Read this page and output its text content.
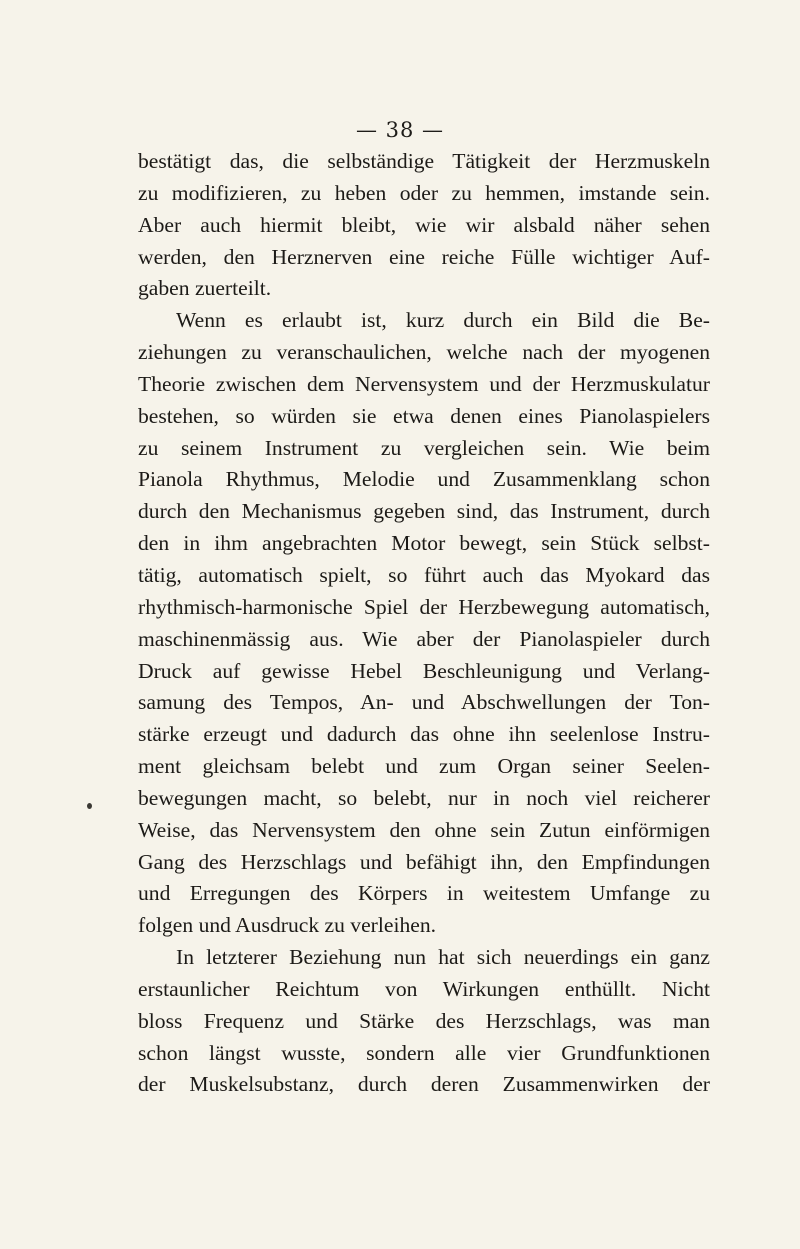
— 38 —
bestätigt das, die selbständige Tätigkeit der Herzmuskeln
zu modifizieren, zu heben oder zu hemmen, imstande sein.
Aber auch hiermit bleibt, wie wir alsbald näher sehen
werden, den Herznerven eine reiche Fülle wichtiger Auf-
gaben zuerteilt.
Wenn es erlaubt ist, kurz durch ein Bild die Be-
ziehungen zu veranschaulichen, welche nach der myogenen
Theorie zwischen dem Nervensystem und der Herzmuskulatur
bestehen, so würden sie etwa denen eines Pianolaspielers
zu seinem Instrument zu vergleichen sein. Wie beim
Pianola Rhythmus, Melodie und Zusammenklang schon
durch den Mechanismus gegeben sind, das Instrument, durch
den in ihm angebrachten Motor bewegt, sein Stück selbst-
tätig, automatisch spielt, so führt auch das Myokard das
rhythmisch-harmonische Spiel der Herzbewegung automatisch,
maschinenmässig aus. Wie aber der Pianolaspieler durch
Druck auf gewisse Hebel Beschleunigung und Verlang-
samung des Tempos, An- und Abschwellungen der Ton-
stärke erzeugt und dadurch das ohne ihn seelenlose Instru-
ment gleichsam belebt und zum Organ seiner Seelen-
bewegungen macht, so belebt, nur in noch viel reicherer
Weise, das Nervensystem den ohne sein Zutun einförmigen
Gang des Herzschlags und befähigt ihn, den Empfindungen
und Erregungen des Körpers in weitestem Umfange zu
folgen und Ausdruck zu verleihen.
In letzterer Beziehung nun hat sich neuerdings ein ganz
erstaunlicher Reichtum von Wirkungen enthüllt. Nicht
bloss Frequenz und Stärke des Herzschlags, was man
schon längst wusste, sondern alle vier Grundfunktionen
der Muskelsubstanz, durch deren Zusammenwirken der
